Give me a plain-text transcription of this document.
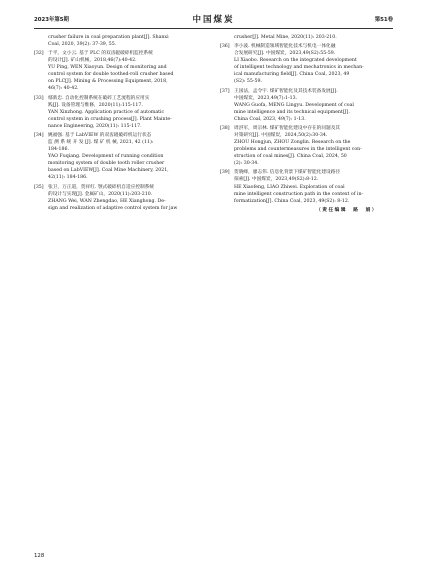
2023年第5期	中国煤炭	第51卷
crusher failure in coal preparation plant[J]. Shanxi
Coal, 2020, 39(2): 37-39, 55.
[32] 于平，文小云. 基于 PLC 的双齿辊破碎机监控系统
的设计[J]. 矿山机械，2018,46(7):40-42.
YU Ping, WEN Xiaoyun. Design of monitoring and
control system for double toothed-roll crusher based
on PLC[J]. Mining & Processing Equipment, 2018,
46(7): 40-42.
[33] 鄢新忠. 自动化控制系统在破碎工艺流程的应用实
践[J]. 设备管理与维修，2020(11):115-117.
YAN Xinzhong. Application practice of automatic
control system in crushing process[J]. Plant Mainte-
nance Engineering, 2020(11): 115-117.
[34] 姚福强. 基于 LabVIEW 的双齿辊破碎机运行状态
监 测 系 统 开 发 [J]. 煤 矿 机 械, 2021, 42 (11):
184-186.
YAO Fuqiang. Development of running condition
monitoring system of double tooth roller crusher
based on LabVIEW[J]. Coal Mine Machinery, 2021,
42(11): 184-186.
[35] 张卫，万正道，贺祥红. 颚式破碎机自适应控制系统
的设计与实现[J]. 金属矿山，2020(11):203-210.
ZHANG Wei, WAN Zhengdao, HE Xianghong. De-
sign and realization of adaptive control system for jaw
crusher[J]. Metal Mine, 2020(11): 203-210.
[36] 李小波. 机械制造领域智能化技术与机电一体化融
合发展研究[J]. 中国煤炭，2023,49(S2):55-59.
LI Xiaobo. Research on the integrated development
of intelligent technology and mechatronics in mechan-
ical manufacturing field[J]. China Coal, 2023, 49
(S2): 55-59.
[37] 王国法，孟令宇. 煤矿智能化及其技术装备发展[J].
中国煤炭，2023,49(7):1-13.
WANG Guofa, MENG Lingyu. Development of coal
mine intelligence and its technical equipment[J].
China Coal, 2023, 49(7): 1-13.
[38] 周洪军，周宗林. 煤矿智能化建设中存在的问题及其
对策研究[J]. 中国煤炭，2024,50(2):30-34.
ZHOU Hongjun, ZHOU Zonglin. Research on the
problems and countermeasures in the intelligent con-
struction of coal mines[J]. China Coal, 2024, 50
(2): 30-34.
[39] 贺晓峰，廖志伟. 信息化背景下煤矿智能化建设路径
探索[J]. 中国煤炭，2023,49(S2):8-12.
HE Xiaofeng, LIAO Zhiwei. Exploration of coal
mine intelligent construction path in the context of in-
formatization[J]. China Coal, 2023, 49(S2): 8-12.
（责任编辑　路　娟）
128
